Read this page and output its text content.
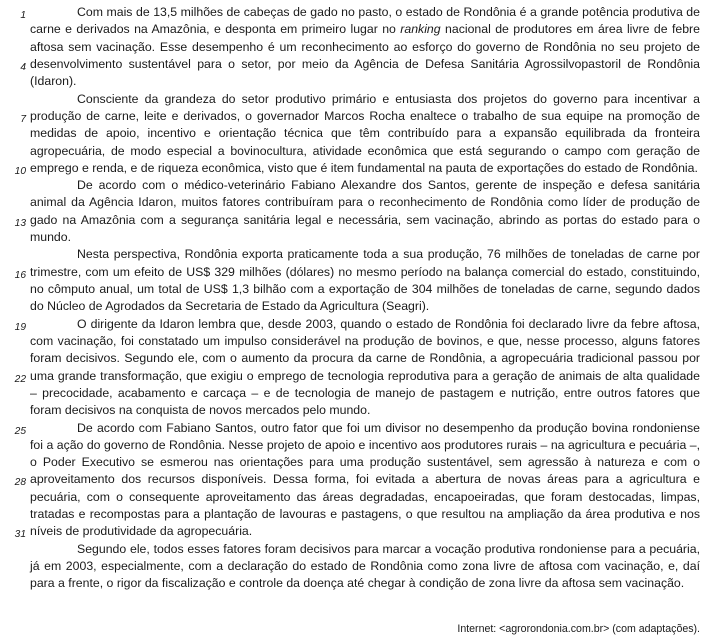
1
4
7
10
13
16
19
22
25
28
31

Com mais de 13,5 milhões de cabeças de gado no pasto, o estado de Rondônia é a grande potência produtiva de carne e derivados na Amazônia, e desponta em primeiro lugar no ranking nacional de produtores em área livre de febre aftosa sem vacinação. Esse desempenho é um reconhecimento ao esforço do governo de Rondônia no seu projeto de desenvolvimento sustentável para o setor, por meio da Agência de Defesa Sanitária Agrossilvopastoril de Rondônia (Idaron).

Consciente da grandeza do setor produtivo primário e entusiasta dos projetos do governo para incentivar a produção de carne, leite e derivados, o governador Marcos Rocha enaltece o trabalho de sua equipe na promoção de medidas de apoio, incentivo e orientação técnica que têm contribuído para a expansão equilibrada da fronteira agropecuária, de modo especial a bovinocultura, atividade econômica que está segurando o campo com geração de emprego e renda, e de riqueza econômica, visto que é item fundamental na pauta de exportações do estado de Rondônia.

De acordo com o médico-veterinário Fabiano Alexandre dos Santos, gerente de inspeção e defesa sanitária animal da Agência Idaron, muitos fatores contribuíram para o reconhecimento de Rondônia como líder de produção de gado na Amazônia com a segurança sanitária legal e necessária, sem vacinação, abrindo as portas do estado para o mundo.

Nesta perspectiva, Rondônia exporta praticamente toda a sua produção, 76 milhões de toneladas de carne por trimestre, com um efeito de US$ 329 milhões (dólares) no mesmo período na balança comercial do estado, constituindo, no cômputo anual, um total de US$ 1,3 bilhão com a exportação de 304 milhões de toneladas de carne, segundo dados do Núcleo de Agrodados da Secretaria de Estado da Agricultura (Seagri).

O dirigente da Idaron lembra que, desde 2003, quando o estado de Rondônia foi declarado livre da febre aftosa, com vacinação, foi constatado um impulso considerável na produção de bovinos, e que, nesse processo, alguns fatores foram decisivos. Segundo ele, com o aumento da procura da carne de Rondônia, a agropecuária tradicional passou por uma grande transformação, que exigiu o emprego de tecnologia reprodutiva para a geração de animais de alta qualidade – precocidade, acabamento e carcaça – e de tecnologia de manejo de pastagem e nutrição, entre outros fatores que foram decisivos na conquista de novos mercados pelo mundo.

De acordo com Fabiano Santos, outro fator que foi um divisor no desempenho da produção bovina rondoniense foi a ação do governo de Rondônia. Nesse projeto de apoio e incentivo aos produtores rurais – na agricultura e pecuária –, o Poder Executivo se esmerou nas orientações para uma produção sustentável, sem agressão à natureza e com o aproveitamento dos recursos disponíveis. Dessa forma, foi evitada a abertura de novas áreas para a agricultura e pecuária, com o consequente aproveitamento das áreas degradadas, encapoeiradas, que foram destocadas, limpas, tratadas e recompostas para a plantação de lavouras e pastagens, o que resultou na ampliação da área produtiva e nos níveis de produtividade da agropecuária.

Segundo ele, todos esses fatores foram decisivos para marcar a vocação produtiva rondoniense para a pecuária, já em 2003, especialmente, com a declaração do estado de Rondônia como zona livre de aftosa com vacinação, e, daí para a frente, o rigor da fiscalização e controle da doença até chegar à condição de zona livre da aftosa sem vacinação.

Internet: <agrorondonia.com.br> (com adaptações).
